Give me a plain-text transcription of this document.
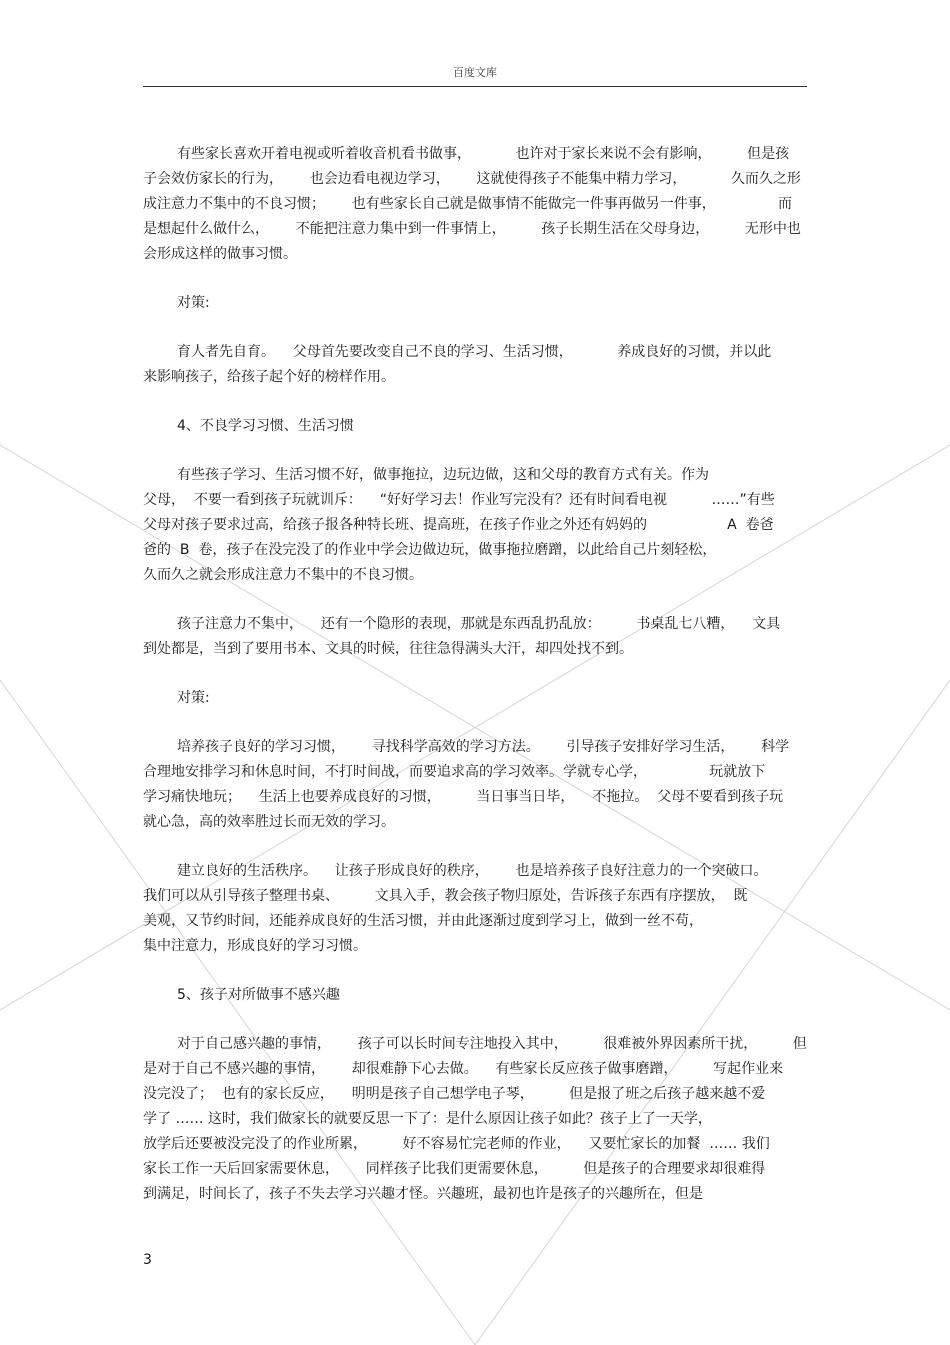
百度文库
有些家长喜欢开着电视或听着收音机看书做事，          也许对于家长来说不会有影响，        但是孩
子会效仿家长的行为，      也会边看电视边学习，      这就使得孩子不能集中精力学习，          久而久之形
成注意力不集中的不良习惯；      也有些家长自己就是做事情不能做完一件事再做另一件事，              而
是想起什么做什么，      不能把注意力集中到一件事情上，        孩子长期生活在父母身边，        无形中也
会形成这样的做事习惯。
对策:
育人者先自育。    父母首先要改变自己不良的学习、生活习惯，          养成良好的习惯，并以此
来影响孩子，给孩子起个好的榜样作用。
4、不良学习习惯、生活习惯
有些孩子学习、生活习惯不好，做事拖拉，边玩边做，这和父母的教育方式有关。作为
父母，  不要一看到孩子玩就训斥：    “好好学习去！作业写完没有？还有时间看电视          ……”有些
父母对孩子要求过高，给孩子报各种特长班、提高班，在孩子作业之外还有妈妈的                  A  卷爸
爸的  B  卷，孩子在没完没了的作业中学会边做边玩，做事拖拉磨蹭，以此给自己片刻轻松，
久而久之就会形成注意力不集中的不良习惯。
孩子注意力不集中，    还有一个隐形的表现，那就是东西乱扔乱放：        书桌乱七八糟，    文具
到处都是，当到了要用书本、文具的时候，往往急得满头大汗，却四处找不到。
对策:
培养孩子良好的学习习惯，      寻找科学高效的学习方法。      引导孩子安排好学习生活，      科学
合理地安排学习和休息时间，不打时间战，而要追求高的学习效率。学就专心学，              玩就放下
学习痛快地玩；    生活上也要养成良好的习惯，        当日事当日毕，    不拖拉。  父母不要看到孩子玩
就心急，高的效率胜过长而无效的学习。
建立良好的生活秩序。    让孩子形成良好的秩序，      也是培养孩子良好注意力的一个突破口。
我们可以从引导孩子整理书桌、        文具入手，教会孩子物归原处，告诉孩子东西有序摆放，  既
美观，又节约时间，还能养成良好的生活习惯，并由此逐渐过度到学习上，做到一丝不苟，
集中注意力，形成良好的学习习惯。
5、孩子对所做事不感兴趣
对于自己感兴趣的事情，      孩子可以长时间专注地投入其中，        很难被外界因素所干扰，        但
是对于自己不感兴趣的事情，      却很难静下心去做。    有些家长反应孩子做事磨蹭，        写起作业来
没完没了；  也有的家长反应，    明明是孩子自己想学电子琴，        但是报了班之后孩子越来越不爱
学了 …… 这时，我们做家长的就要反思一下了：是什么原因让孩子如此？孩子上了一天学，
放学后还要被没完没了的作业所累，        好不容易忙完老师的作业，    又要忙家长的加餐  …… 我们
家长工作一天后回家需要休息，      同样孩子比我们更需要休息，        但是孩子的合理要求却很难得
到满足，时间长了，孩子不失去学习兴趣才怪。兴趣班，最初也许是孩子的兴趣所在，但是
3
